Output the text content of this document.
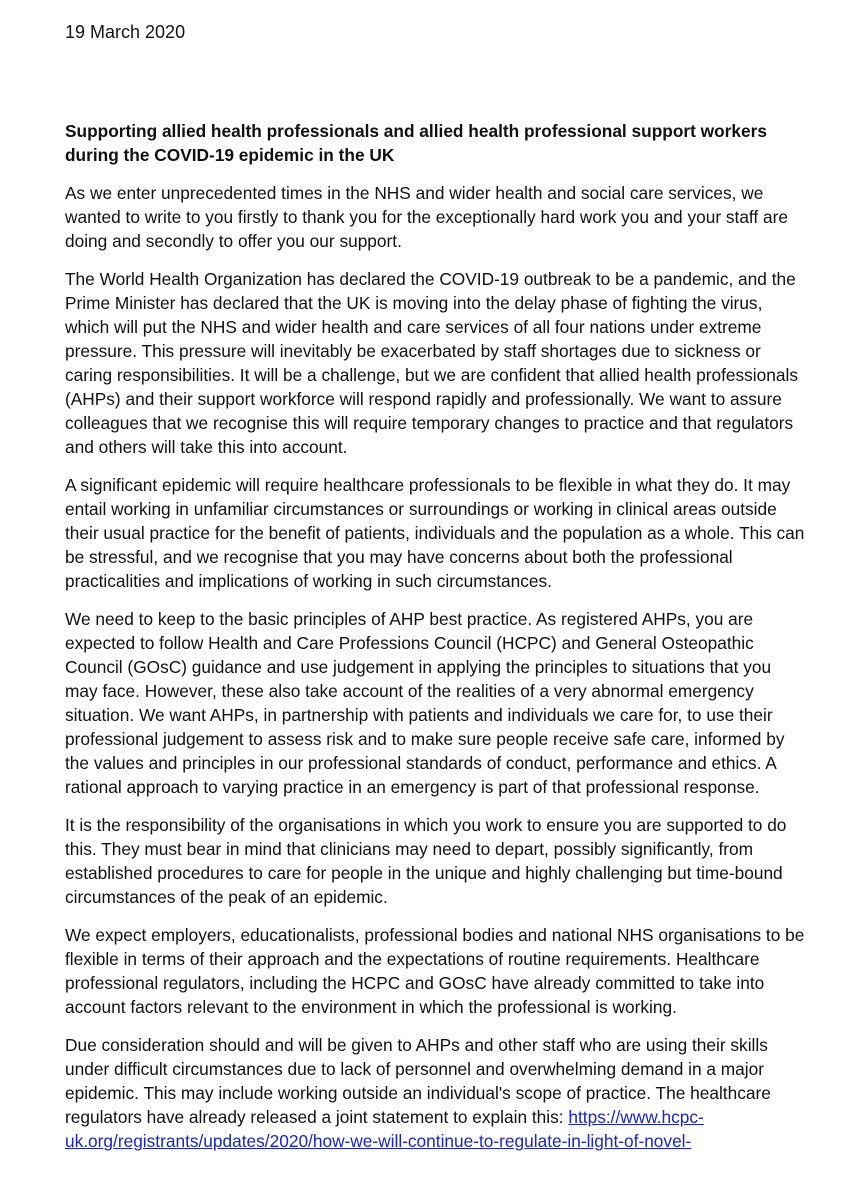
19 March 2020
Supporting allied health professionals and allied health professional support workers during the COVID-19 epidemic in the UK

As we enter unprecedented times in the NHS and wider health and social care services, we wanted to write to you firstly to thank you for the exceptionally hard work you and your staff are doing and secondly to offer you our support.

The World Health Organization has declared the COVID-19 outbreak to be a pandemic, and the Prime Minister has declared that the UK is moving into the delay phase of fighting the virus, which will put the NHS and wider health and care services of all four nations under extreme pressure. This pressure will inevitably be exacerbated by staff shortages due to sickness or caring responsibilities. It will be a challenge, but we are confident that allied health professionals (AHPs) and their support workforce will respond rapidly and professionally. We want to assure colleagues that we recognise this will require temporary changes to practice and that regulators and others will take this into account.

A significant epidemic will require healthcare professionals to be flexible in what they do. It may entail working in unfamiliar circumstances or surroundings or working in clinical areas outside their usual practice for the benefit of patients, individuals and the population as a whole. This can be stressful, and we recognise that you may have concerns about both the professional practicalities and implications of working in such circumstances.

We need to keep to the basic principles of AHP best practice. As registered AHPs, you are expected to follow Health and Care Professions Council (HCPC) and General Osteopathic Council (GOsC) guidance and use judgement in applying the principles to situations that you may face. However, these also take account of the realities of a very abnormal emergency situation. We want AHPs, in partnership with patients and individuals we care for, to use their professional judgement to assess risk and to make sure people receive safe care, informed by the values and principles in our professional standards of conduct, performance and ethics. A rational approach to varying practice in an emergency is part of that professional response.

It is the responsibility of the organisations in which you work to ensure you are supported to do this. They must bear in mind that clinicians may need to depart, possibly significantly, from established procedures to care for people in the unique and highly challenging but time-bound circumstances of the peak of an epidemic.

We expect employers, educationalists, professional bodies and national NHS organisations to be flexible in terms of their approach and the expectations of routine requirements. Healthcare professional regulators, including the HCPC and GOsC have already committed to take into account factors relevant to the environment in which the professional is working.

Due consideration should and will be given to AHPs and other staff who are using their skills under difficult circumstances due to lack of personnel and overwhelming demand in a major epidemic. This may include working outside an individual's scope of practice. The healthcare regulators have already released a joint statement to explain this: https://www.hcpc-uk.org/registrants/updates/2020/how-we-will-continue-to-regulate-in-light-of-novel-
